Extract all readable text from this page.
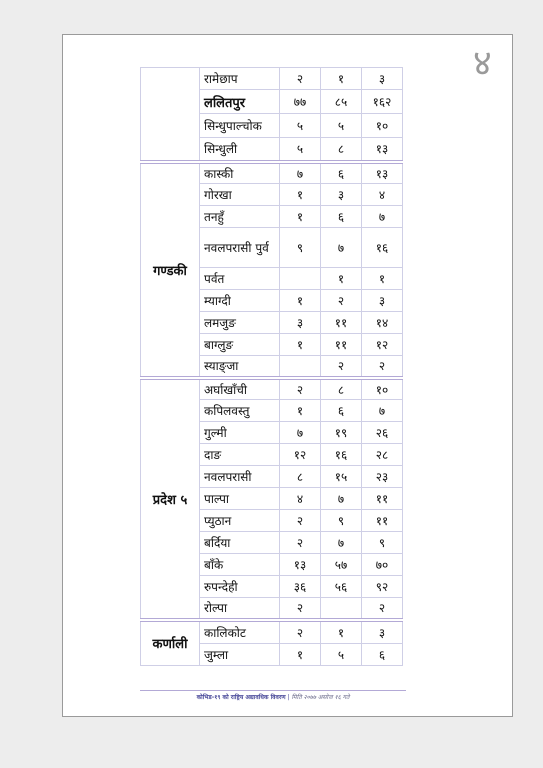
४
	रामेछाप	२	१	३
	ललितपुर	७७	८५	१६२
	सिन्धुपाल्चोक	५	५	१०
	सिन्धुली	५	८	१३
गण्डकी	कास्की	७	६	१३
	गोरखा	१	३	४
	तनहुँ	१	६	७
	नवलपरासी पुर्व	९	७	१६
	पर्वत		१	१
	म्याग्दी	१	२	३
	लमजुङ	३	११	१४
	बाग्लुङ	१	११	१२
	स्याङ्जा		२	२
प्रदेश ५	अर्घाखाँची	२	८	१०
	कपिलवस्तु	१	६	७
	गुल्मी	७	१९	२६
	दाङ	१२	१६	२८
	नवलपरासी	८	१५	२३
	पाल्पा	४	७	११
	प्युठान	२	९	११
	बर्दिया	२	७	९
	बाँके	१३	५७	७०
	रुपन्देही	३६	५६	९२
	रोल्पा	२		२
कर्णाली	कालिकोट	२	१	३
	जुम्ला	१	५	६
कोभिड-१९ को राष्ट्रिय अद्यावधिक विवरण | मिति २०७७ असोज १६ गते
